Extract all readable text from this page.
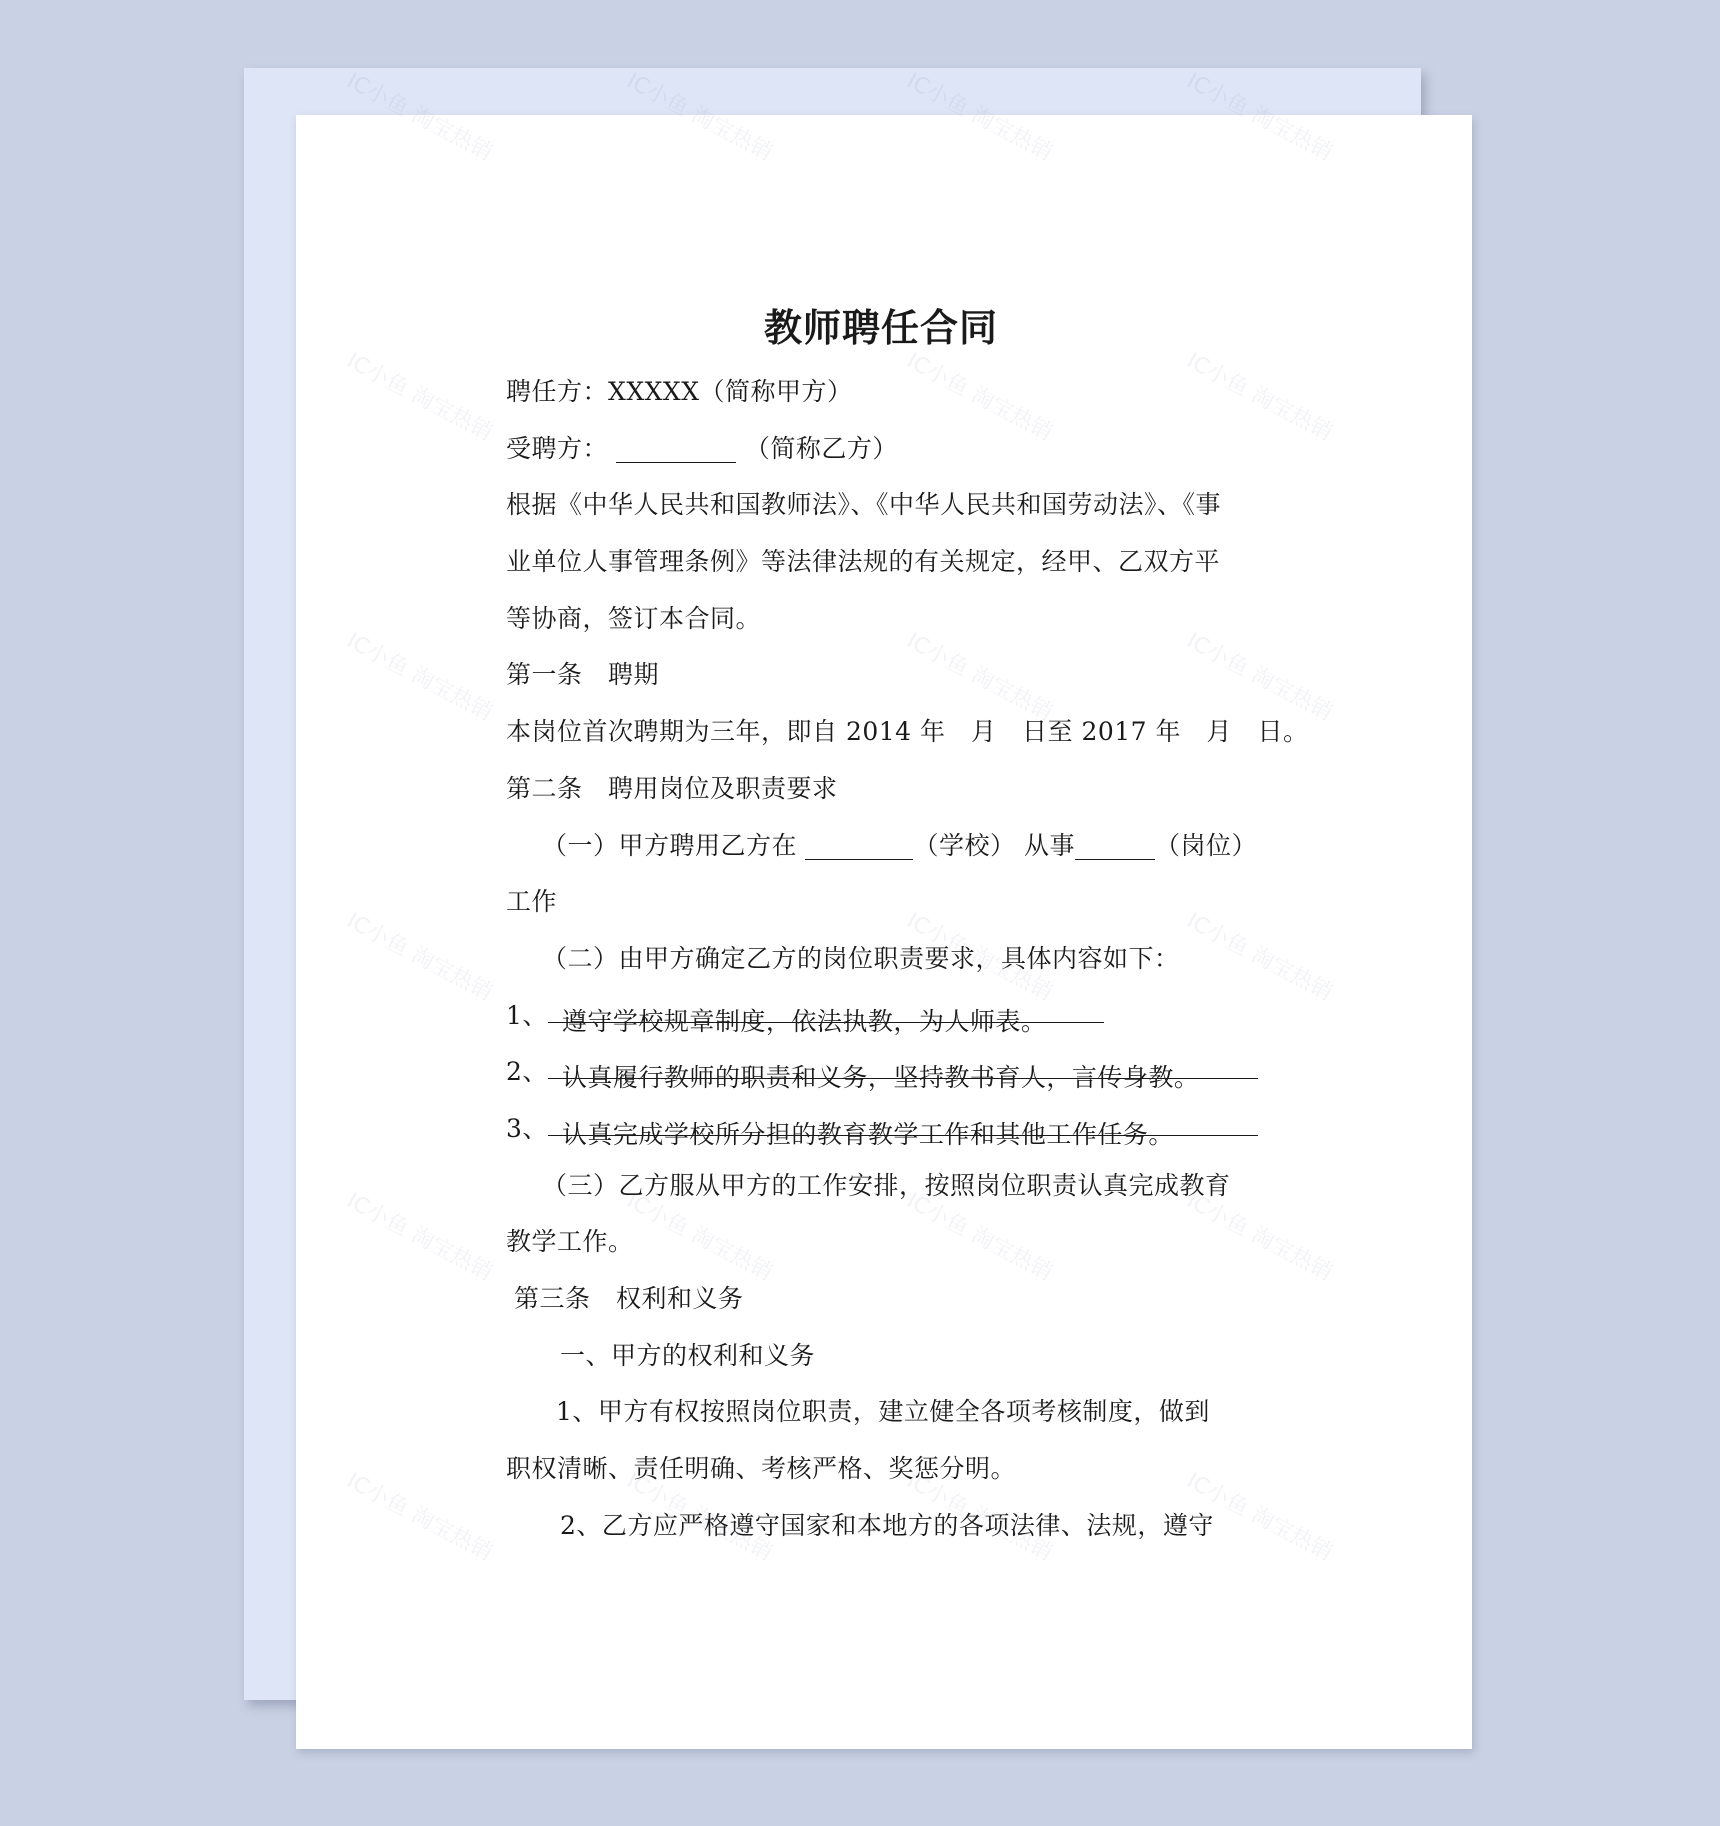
教师聘任合同
聘任方：XXXXX（简称甲方）
受聘方：	（简称乙方）
根据《中华人民共和国教师法》、《中华人民共和国劳动法》、《事
业单位人事管理条例》等法律法规的有关规定，经甲、乙双方平
等协商，签订本合同。
第一条　聘期
本岗位首次聘期为三年，即自 2014 年　月　日至 2017 年　月　日。
第二条　聘用岗位及职责要求
（一）甲方聘用乙方在	（学校） 从事	（岗位）
工作
（二）由甲方确定乙方的岗位职责要求，具体内容如下：
1、 遵守学校规章制度，依法执教，为人师表。
2、 认真履行教师的职责和义务，坚持教书育人，言传身教。
3、 认真完成学校所分担的教育教学工作和其他工作任务。
（三）乙方服从甲方的工作安排，按照岗位职责认真完成教育
教学工作。
第三条　权利和义务
一、甲方的权利和义务
1、甲方有权按照岗位职责，建立健全各项考核制度，做到
职权清晰、责任明确、考核严格、奖惩分明。
2、乙方应严格遵守国家和本地方的各项法律、法规，遵守
